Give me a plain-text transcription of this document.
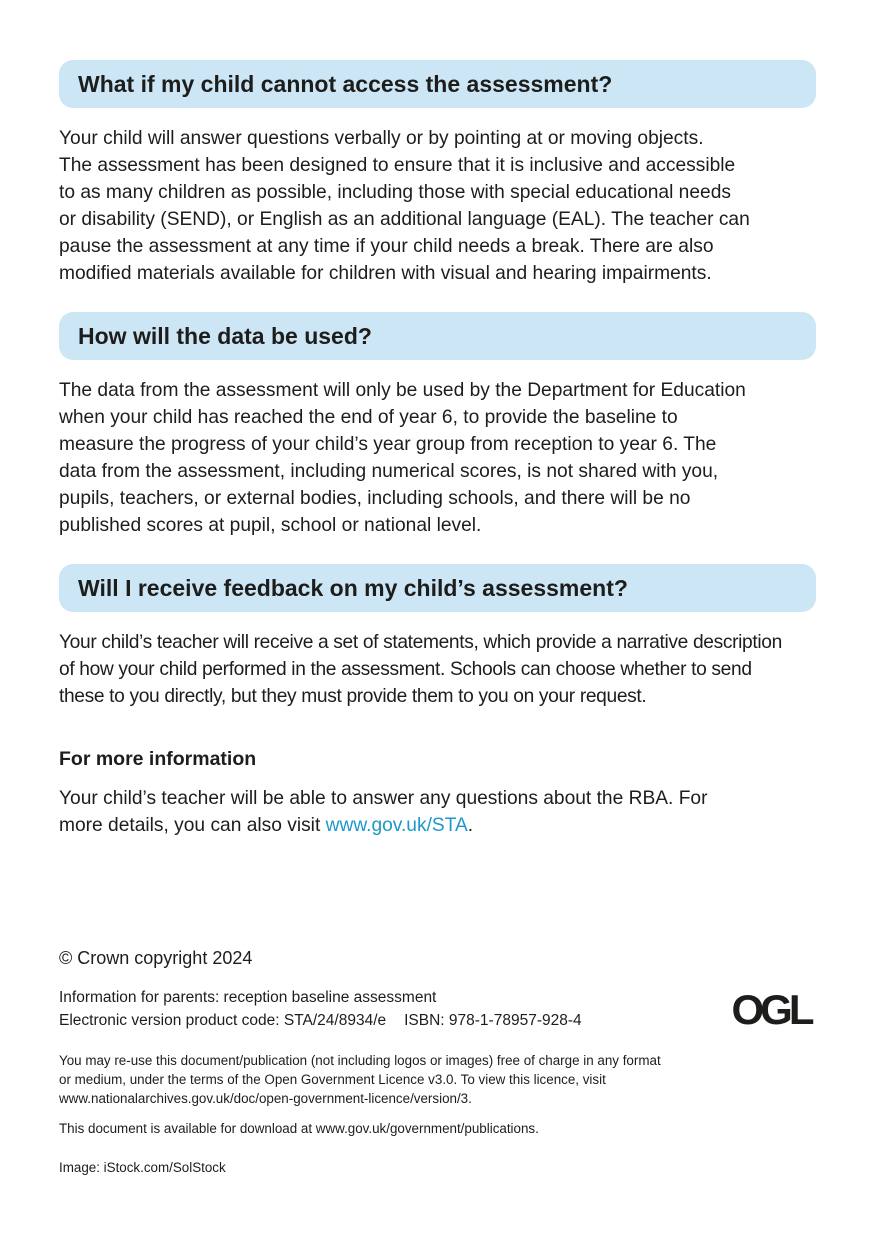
What if my child cannot access the assessment?

Your child will answer questions verbally or by pointing at or moving objects.
The assessment has been designed to ensure that it is inclusive and accessible
to as many children as possible, including those with special educational needs
or disability (SEND), or English as an additional language (EAL). The teacher can
pause the assessment at any time if your child needs a break. There are also
modified materials available for children with visual and hearing impairments.

How will the data be used?

The data from the assessment will only be used by the Department for Education
when your child has reached the end of year 6, to provide the baseline to
measure the progress of your child’s year group from reception to year 6. The
data from the assessment, including numerical scores, is not shared with you,
pupils, teachers, or external bodies, including schools, and there will be no
published scores at pupil, school or national level.

Will I receive feedback on my child’s assessment?

Your child’s teacher will receive a set of statements, which provide a narrative description
of how your child performed in the assessment. Schools can choose whether to send
these to you directly, but they must provide them to you on your request.

For more information

Your child’s teacher will be able to answer any questions about the RBA. For
more details, you can also visit www.gov.uk/STA.

© Crown copyright 2024

Information for parents: reception baseline assessment
Electronic version product code: STA/24/8934/e ISBN: 978-1-78957-928-4	OGL

You may re-use this document/publication (not including logos or images) free of charge in any format
or medium, under the terms of the Open Government Licence v3.0. To view this licence, visit
www.nationalarchives.gov.uk/doc/open-government-licence/version/3.

This document is available for download at www.gov.uk/government/publications.

Image: iStock.com/SolStock
